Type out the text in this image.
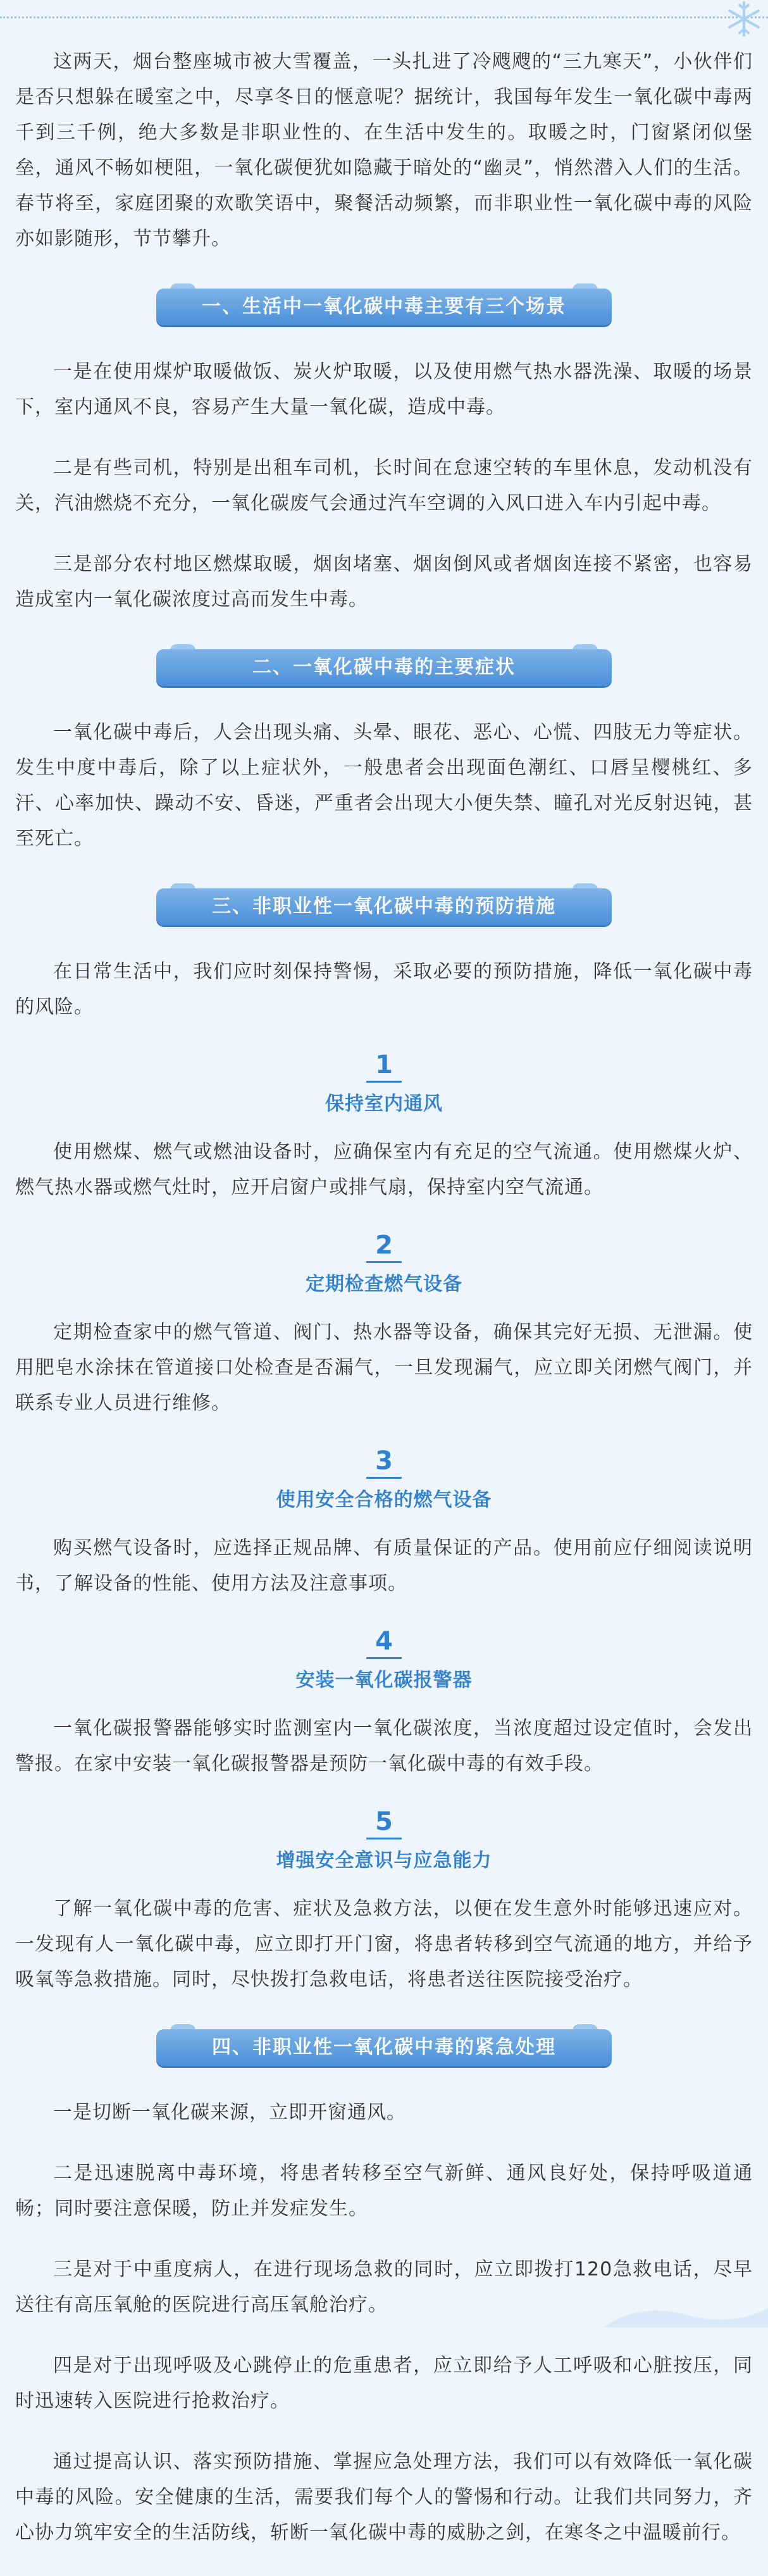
这两天，烟台整座城市被大雪覆盖，一头扎进了冷飕飕的“三九寒天”，小伙伴们是否只想躲在暖室之中，尽享冬日的惬意呢？据统计，我国每年发生一氧化碳中毒两千到三千例，绝大多数是非职业性的、在生活中发生的。取暖之时，门窗紧闭似堡垒，通风不畅如梗阻，一氧化碳便犹如隐藏于暗处的“幽灵”，悄然潜入人们的生活。春节将至，家庭团聚的欢歌笑语中，聚餐活动频繁，而非职业性一氧化碳中毒的风险亦如影随形，节节攀升。

一、生活中一氧化碳中毒主要有三个场景

一是在使用煤炉取暖做饭、炭火炉取暖，以及使用燃气热水器洗澡、取暖的场景下，室内通风不良，容易产生大量一氧化碳，造成中毒。

二是有些司机，特别是出租车司机，长时间在怠速空转的车里休息，发动机没有关，汽油燃烧不充分，一氧化碳废气会通过汽车空调的入风口进入车内引起中毒。

三是部分农村地区燃煤取暖，烟囱堵塞、烟囱倒风或者烟囱连接不紧密，也容易造成室内一氧化碳浓度过高而发生中毒。

二、一氧化碳中毒的主要症状

一氧化碳中毒后，人会出现头痛、头晕、眼花、恶心、心慌、四肢无力等症状。发生中度中毒后，除了以上症状外，一般患者会出现面色潮红、口唇呈樱桃红、多汗、心率加快、躁动不安、昏迷，严重者会出现大小便失禁、瞳孔对光反射迟钝，甚至死亡。

三、非职业性一氧化碳中毒的预防措施

在日常生活中，我们应时刻保持警惕，采取必要的预防措施，降低一氧化碳中毒的风险。

1
保持室内通风

使用燃煤、燃气或燃油设备时，应确保室内有充足的空气流通。使用燃煤火炉、燃气热水器或燃气灶时，应开启窗户或排气扇，保持室内空气流通。

2
定期检查燃气设备

定期检查家中的燃气管道、阀门、热水器等设备，确保其完好无损、无泄漏。使用肥皂水涂抹在管道接口处检查是否漏气，一旦发现漏气，应立即关闭燃气阀门，并联系专业人员进行维修。

3
使用安全合格的燃气设备

购买燃气设备时，应选择正规品牌、有质量保证的产品。使用前应仔细阅读说明书，了解设备的性能、使用方法及注意事项。

4
安装一氧化碳报警器

一氧化碳报警器能够实时监测室内一氧化碳浓度，当浓度超过设定值时，会发出警报。在家中安装一氧化碳报警器是预防一氧化碳中毒的有效手段。

5
增强安全意识与应急能力

了解一氧化碳中毒的危害、症状及急救方法，以便在发生意外时能够迅速应对。一发现有人一氧化碳中毒，应立即打开门窗，将患者转移到空气流通的地方，并给予吸氧等急救措施。同时，尽快拨打急救电话，将患者送往医院接受治疗。

四、非职业性一氧化碳中毒的紧急处理

一是切断一氧化碳来源，立即开窗通风。

二是迅速脱离中毒环境，将患者转移至空气新鲜、通风良好处，保持呼吸道通畅；同时要注意保暖，防止并发症发生。

三是对于中重度病人，在进行现场急救的同时，应立即拨打120急救电话，尽早送往有高压氧舱的医院进行高压氧舱治疗。

四是对于出现呼吸及心跳停止的危重患者，应立即给予人工呼吸和心脏按压，同时迅速转入医院进行抢救治疗。

通过提高认识、落实预防措施、掌握应急处理方法，我们可以有效降低一氧化碳中毒的风险。安全健康的生活，需要我们每个人的警惕和行动。让我们共同努力，齐心协力筑牢安全的生活防线，斩断一氧化碳中毒的威胁之剑，在寒冬之中温暖前行。
